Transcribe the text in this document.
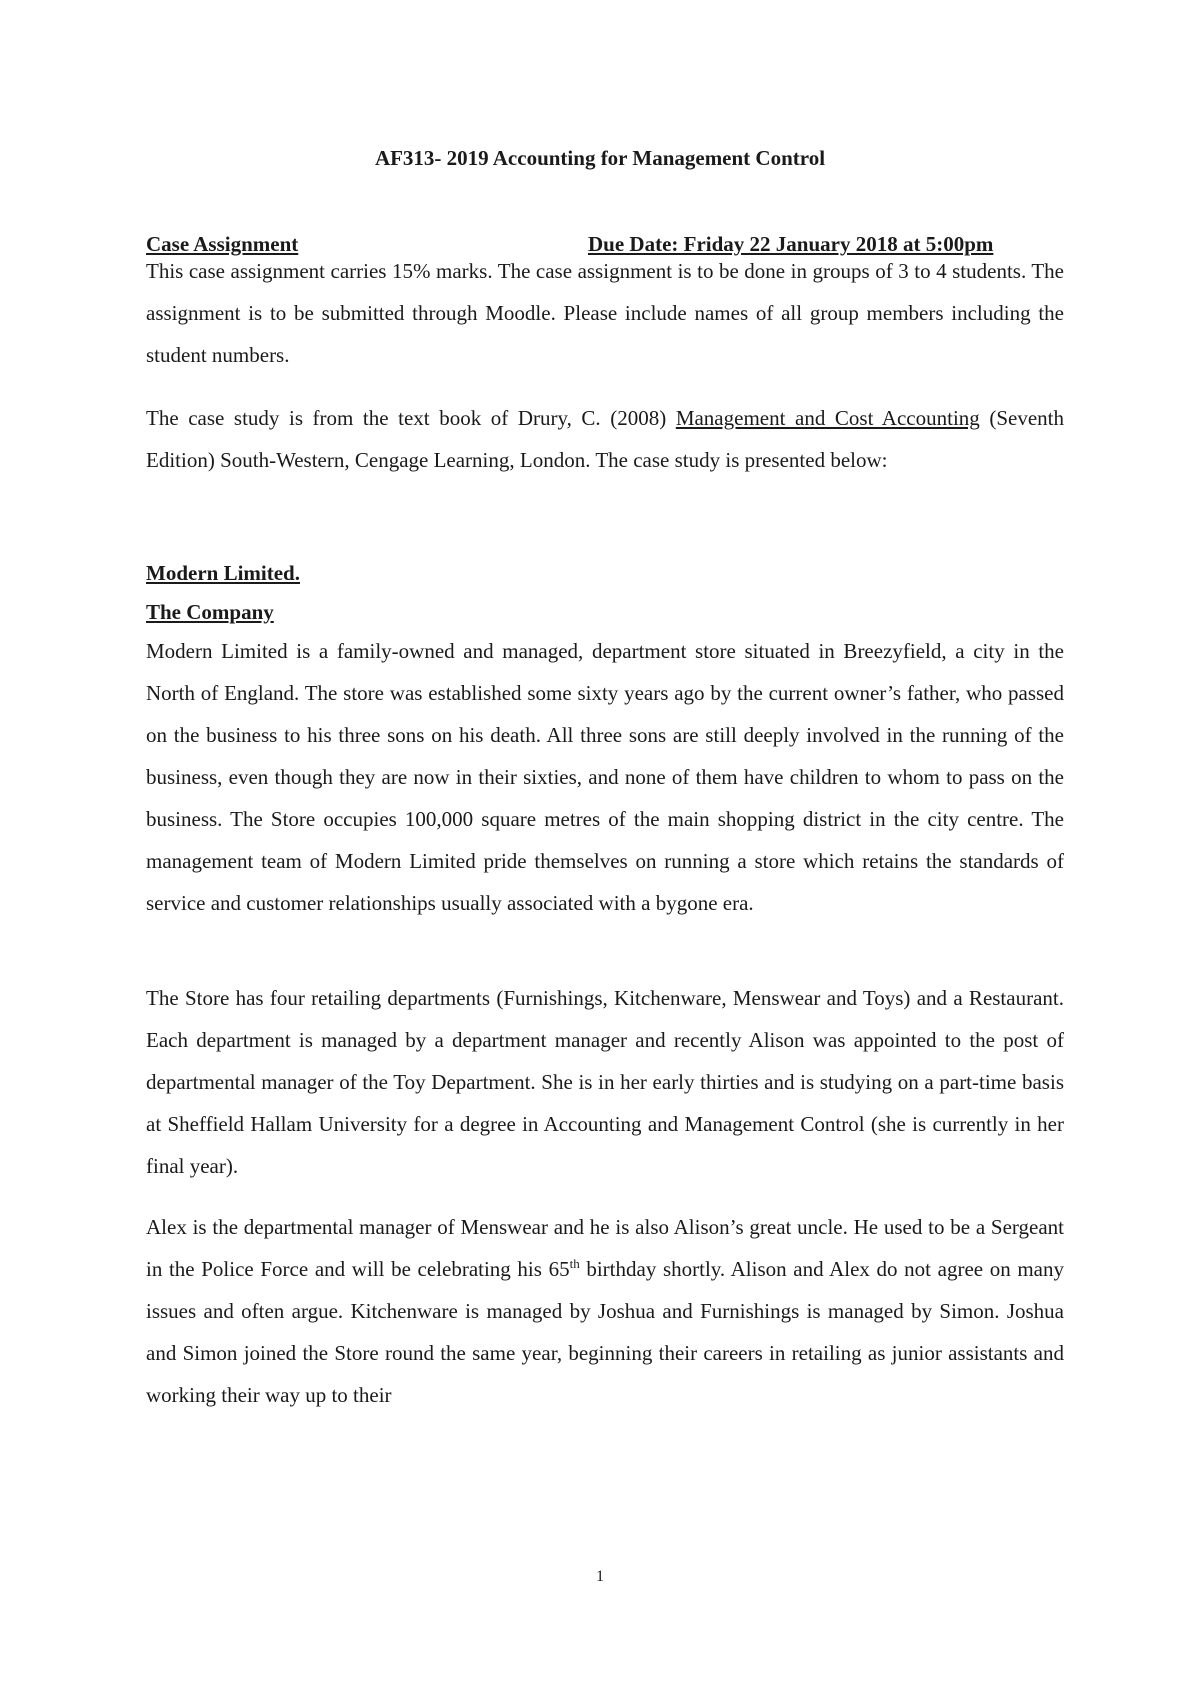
AF313- 2019 Accounting for Management Control
Case Assignment	Due Date: Friday 22 January 2018 at 5:00pm

This case assignment carries 15% marks. The case assignment is to be done in groups of 3 to 4 students. The assignment is to be submitted through Moodle. Please include names of all group members including the student numbers.

The case study is from the text book of Drury, C. (2008) Management and Cost Accounting (Seventh Edition) South-Western, Cengage Learning, London. The case study is presented below:

Modern Limited.
The Company

Modern Limited is a family-owned and managed, department store situated in Breezyfield, a city in the North of England. The store was established some sixty years ago by the current owner’s father, who passed on the business to his three sons on his death. All three sons are still deeply involved in the running of the business, even though they are now in their sixties, and none of them have children to whom to pass on the business. The Store occupies 100,000 square metres of the main shopping district in the city centre. The management team of Modern Limited pride themselves on running a store which retains the standards of service and customer relationships usually associated with a bygone era.

The Store has four retailing departments (Furnishings, Kitchenware, Menswear and Toys) and a Restaurant. Each department is managed by a department manager and recently Alison was appointed to the post of departmental manager of the Toy Department. She is in her early thirties and is studying on a part-time basis at Sheffield Hallam University for a degree in Accounting and Management Control (she is currently in her final year).

Alex is the departmental manager of Menswear and he is also Alison’s great uncle. He used to be a Sergeant in the Police Force and will be celebrating his 65th birthday shortly. Alison and Alex do not agree on many issues and often argue. Kitchenware is managed by Joshua and Furnishings is managed by Simon. Joshua and Simon joined the Store round the same year, beginning their careers in retailing as junior assistants and working their way up to their

1
